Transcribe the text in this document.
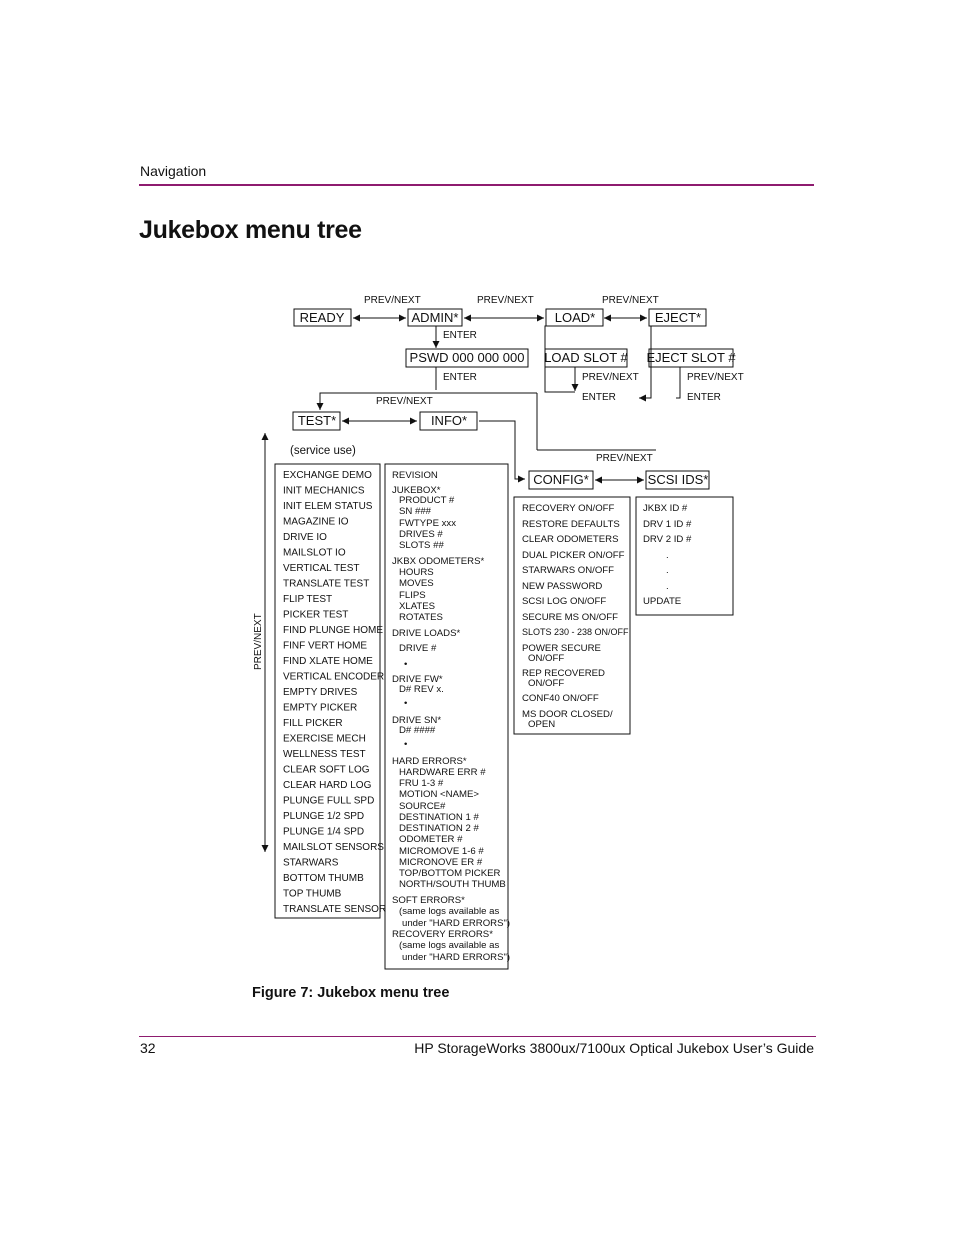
Navigation
Jukebox menu tree
PREV/NEXT	PREV/NEXT	PREV/NEXT
ENTER
ENTER	PREV/NEXT
ENTER
PREV/NEXT
ENTER
PREV/NEXT
PREV/NEXT
PREV/NEXT
READY	ADMIN*	LOAD*	EJECT*
PSWD 000 000 000 LOAD SLOT # EJECT SLOT #
TEST*	INFO*
CONFIG*	SCSI IDS*
(service use)
EXCHANGE DEMO
INIT MECHANICS
INIT ELEM STATUS
MAGAZINE IO
DRIVE IO
MAILSLOT IO
VERTICAL TEST
TRANSLATE TEST
FLIP TEST
PICKER TEST
FIND PLUNGE HOME
FINF VERT HOME
FIND XLATE HOME
VERTICAL ENCODER
EMPTY DRIVES
EMPTY PICKER
FILL PICKER
EXERCISE MECH
WELLNESS TEST
CLEAR SOFT LOG
CLEAR HARD LOG
PLUNGE FULL SPD
PLUNGE 1/2 SPD
PLUNGE 1/4 SPD
MAILSLOT SENSORS
STARWARS
BOTTOM THUMB
TOP THUMB
TRANSLATE SENSOR
REVISION
JUKEBOX*
PRODUCT #
SN ###
FWTYPE xxx
DRIVES #
SLOTS ##
JKBX ODOMETERS*
HOURS
MOVES
FLIPS
XLATES
ROTATES
DRIVE LOADS*
DRIVE #
•
DRIVE FW*
D# REV x.
•
DRIVE SN*
D# ####
•
HARD ERRORS*
HARDWARE ERR #
FRU 1-3 #
MOTION <NAME>
SOURCE#
DESTINATION 1 #
DESTINATION 2 #
ODOMETER #
MICROMOVE 1-6 #
MICRONOVE ER #
TOP/BOTTOM PICKER
NORTH/SOUTH THUMB
SOFT ERRORS*
(same logs available as
under "HARD ERRORS")
RECOVERY ERRORS*
(same logs available as
under "HARD ERRORS")
RECOVERY ON/OFF
RESTORE DEFAULTS
CLEAR ODOMETERS
DUAL PICKER ON/OFF
STARWARS ON/OFF
NEW PASSWORD
SCSI LOG ON/OFF
SECURE MS ON/OFF
SLOTS 230 - 238 ON/OFF
POWER SECURE
ON/OFF
REP RECOVERED
ON/OFF
CONF40 ON/OFF
MS DOOR CLOSED/
OPEN
JKBX ID #
DRV 1 ID #
DRV 2 ID #
.
.
.
UPDATE
Figure 7: Jukebox menu tree
32	HP StorageWorks 3800ux/7100ux Optical Jukebox User’s Guide
